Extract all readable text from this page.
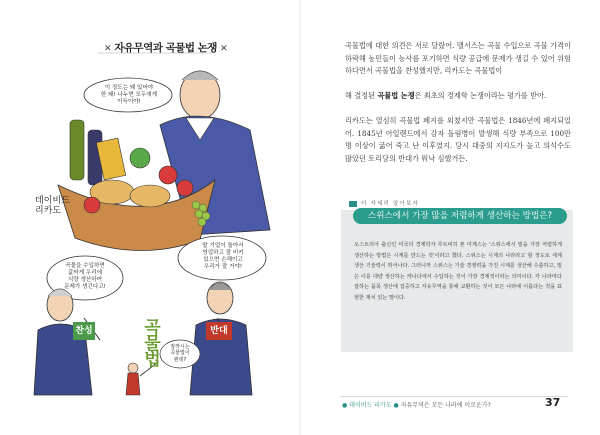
✕ 자유무역과 곡물법 논쟁 ✕
이 정도는 돼 있어야
한 돼! 나누면 모두에게
이득이야!
딸 기업이 돌아서
영업하고 잘 비키
있으면 손해이고
우리가 잘 거야!
곡물을 수입하면
값싸게 우리에
식량 생산하여
문제가 생긴다고!
잠까시는
곡물법이
뭔데?
데이비드
리카도
곡물법
찬성	반대
곡물법에 대한 의견은 서로 달랐어. 맬서스는 곡물 수입으로 곡물 가격이 하락해 농민들이 농사를 포기하면 식량 공급에 문제가 생길 수 있어 위험하다면서 곡물법을 찬성했지만, 리카도는 곡물법이
해 결정된 곡물법 논쟁은 최초의 경제학 논쟁이라는 평가를 받아.
리카도는 열심히 곡물법 폐지를 외쳤지만 곡물법은 1846년에 폐지되었어. 1845년 아일랜드에서 감자 돌림병이 발생해 식량 부족으로 100만 명 이상이 굶어 죽고 난 이후였지. 당시 대중의 지지도가 높고 의석수도 많았던 토리당의 반대가 워낙 심했거든.
더 자세히 알아보자
스위스에서 가장 많을 저렴하게 생산하는 방법은?
오스트리아 출신인 미국의 경제학자 루트비히 폰 미제스는 '스위스에서 밀을 가장 저렴하게 생산하는 방법은 시계를 만드는 것'이라고 했다. 스위스는 시계의 나라라고 할 정도로 세계 생산 기술력이 뛰어나다. 그러니까 스위스는 기술 경쟁력을 가진 시계를 생산해 수출하고, 밀은 이를 대량 생산하는 캐나다에서 수입하는 것이 가장 경제적이라는 의미이다. 각 나라마다 잘하는 품목 생산에 집중하고 자유무역을 통해 교환하는 것이 모든 나라에 이롭다는 것을 표현한 재치 있는 말이다.
● 데이비드 리카도 ● 자유무역은 모든 나라에 이로운가?	37
